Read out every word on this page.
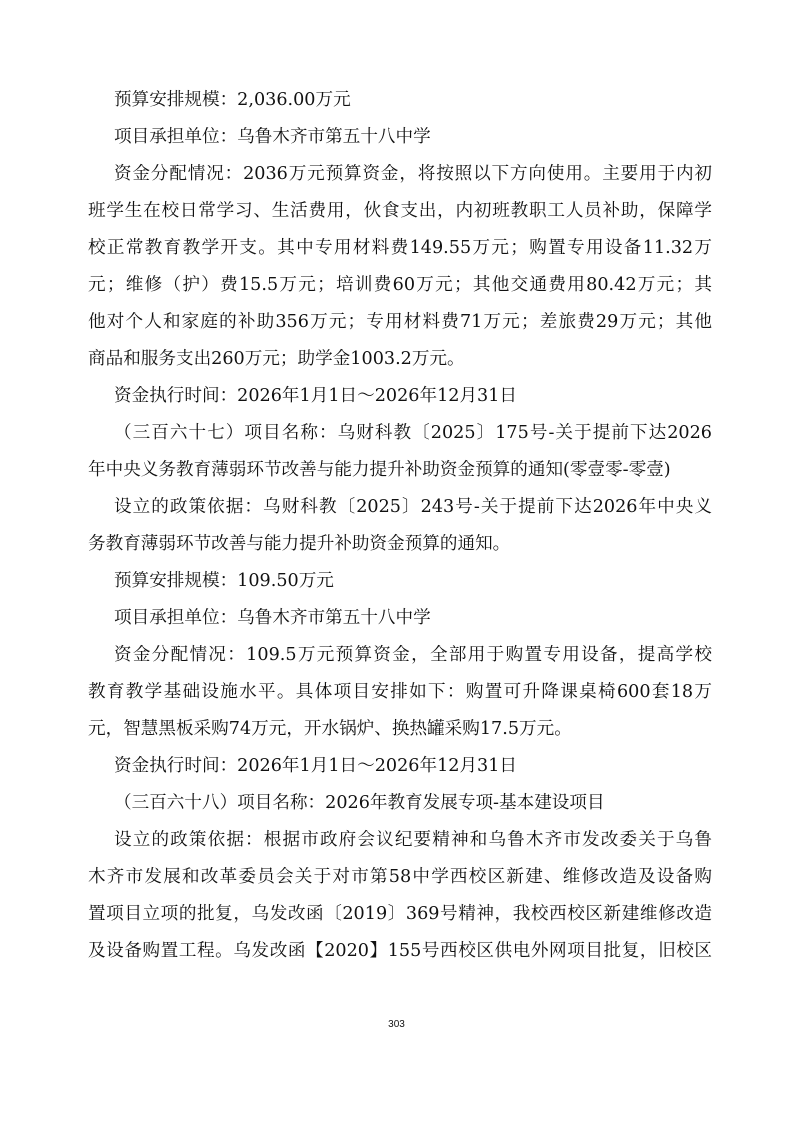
预算安排规模：2,036.00万元
项目承担单位：乌鲁木齐市第五十八中学
资金分配情况：2036万元预算资金，将按照以下方向使用。主要用于内初
班学生在校日常学习、生活费用，伙食支出，内初班教职工人员补助，保障学
校正常教育教学开支。其中专用材料费149.55万元；购置专用设备11.32万
元；维修（护）费15.5万元；培训费60万元；其他交通费用80.42万元；其
他对个人和家庭的补助356万元；专用材料费71万元；差旅费29万元；其他
商品和服务支出260万元；助学金1003.2万元。
资金执行时间：2026年1月1日～2026年12月31日
（三百六十七）项目名称：乌财科教〔2025〕175号-关于提前下达2026
年中央义务教育薄弱环节改善与能力提升补助资金预算的通知(零壹零-零壹)
设立的政策依据：乌财科教〔2025〕243号-关于提前下达2026年中央义
务教育薄弱环节改善与能力提升补助资金预算的通知。
预算安排规模：109.50万元
项目承担单位：乌鲁木齐市第五十八中学
资金分配情况：109.5万元预算资金，全部用于购置专用设备，提高学校
教育教学基础设施水平。具体项目安排如下：购置可升降课桌椅600套18万
元，智慧黑板采购74万元，开水锅炉、换热罐采购17.5万元。
资金执行时间：2026年1月1日～2026年12月31日
（三百六十八）项目名称：2026年教育发展专项-基本建设项目
设立的政策依据：根据市政府会议纪要精神和乌鲁木齐市发改委关于乌鲁
木齐市发展和改革委员会关于对市第58中学西校区新建、维修改造及设备购
置项目立项的批复，乌发改函〔2019〕369号精神，我校西校区新建维修改造
及设备购置工程。乌发改函【2020】155号西校区供电外网项目批复，旧校区
303
